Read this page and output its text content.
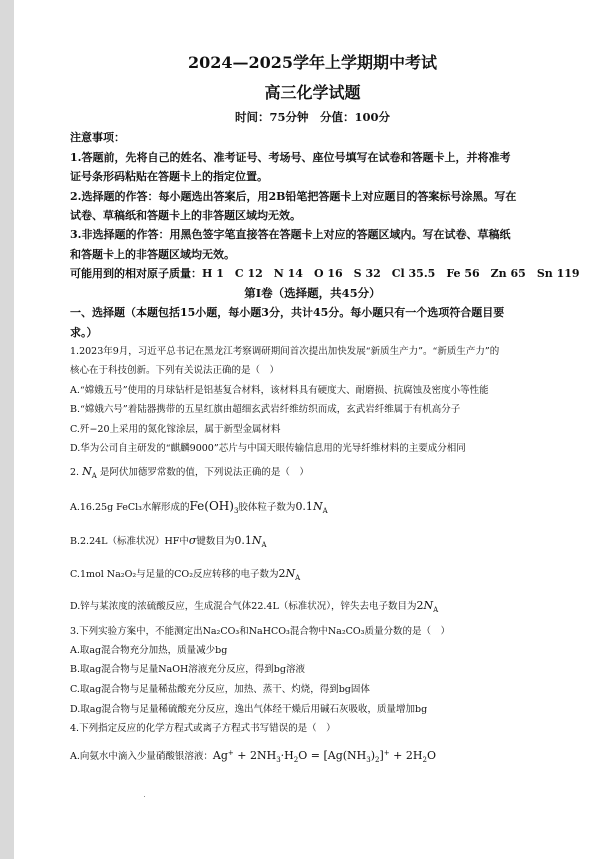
2024—2025学年上学期期中考试
高三化学试题
时间：75分钟　分值：100分
注意事项：
1.答题前，先将自己的姓名、准考证号、考场号、座位号填写在试卷和答题卡上，并将准考
证号条形码粘贴在答题卡上的指定位置。
2.选择题的作答：每小题选出答案后，用2B铅笔把答题卡上对应题目的答案标号涂黑。写在
试卷、草稿纸和答题卡上的非答题区域均无效。
3.非选择题的作答：用黑色签字笔直接答在答题卡上对应的答题区域内。写在试卷、草稿纸
和答题卡上的非答题区域均无效。
可能用到的相对原子质量：H 1　C 12　N 14　O 16　S 32　Cl 35.5　Fe 56　Zn 65　Sn 119
第Ⅰ卷（选择题，共45分）
一、选择题（本题包括15小题，每小题3分，共计45分。每小题只有一个选项符合题目要
求。）
1.2023年9月，习近平总书记在黑龙江考察调研期间首次提出加快发展“新质生产力”。“新质生产力”的
核心在于科技创新。下列有关说法正确的是（　）
A.“嫦娥五号”使用的月球钻杆是铝基复合材料，该材料具有硬度大、耐磨损、抗腐蚀及密度小等性能
B.“嫦娥六号”着陆器携带的五星红旗由超细玄武岩纤维纺织而成，玄武岩纤维属于有机高分子
C.歼−20上采用的氮化镓涂层，属于新型金属材料
D.华为公司自主研发的“麒麟9000”芯片与中国天眼传输信息用的光导纤维材料的主要成分相同
2. $N_A$ 是阿伏加德罗常数的值，下列说法正确的是（　）
A.16.25g FeCl₃水解形成的$Fe(OH)_3$胶体粒子数为$0.1N_A$
B.2.24L（标准状况）HF中σ键数目为$0.1N_A$
C.1mol Na₂O₂与足量的CO₂反应转移的电子数为$2N_A$
D.锌与某浓度的浓硫酸反应，生成混合气体22.4L（标准状况），锌失去电子数目为$2N_A$
3.下列实验方案中，不能测定出Na₂CO₃和NaHCO₃混合物中Na₂CO₃质量分数的是（　）
A.取ag混合物充分加热，质量减少bg
B.取ag混合物与足量NaOH溶液充分反应，得到bg溶液
C.取ag混合物与足量稀盐酸充分反应，加热、蒸干、灼烧，得到bg固体
D.取ag混合物与足量稀硫酸充分反应，逸出气体经干燥后用碱石灰吸收，质量增加bg
4.下列指定反应的化学方程式或离子方程式书写错误的是（　）
A.向氨水中滴入少量硝酸银溶液：$Ag^+ + 2NH_3\cdot H_2O = [Ag(NH_3)_2]^+ + 2H_2O$
